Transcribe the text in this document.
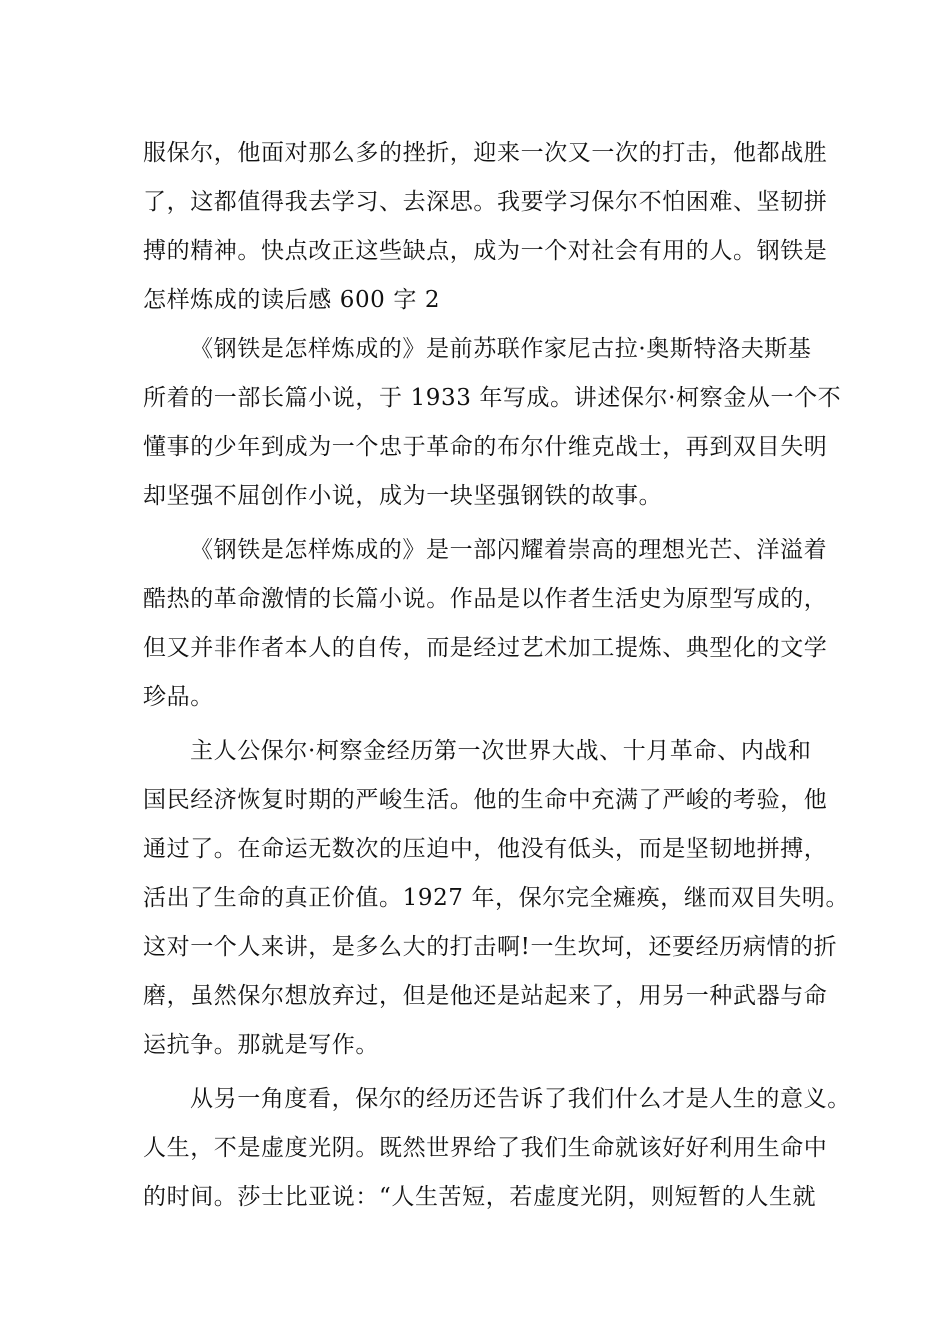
服保尔，他面对那么多的挫折，迎来一次又一次的打击，他都战胜
了，这都值得我去学习、去深思。我要学习保尔不怕困难、坚韧拼
搏的精神。快点改正这些缺点，成为一个对社会有用的人。钢铁是
怎样炼成的读后感 600 字 2
《钢铁是怎样炼成的》是前苏联作家尼古拉·奥斯特洛夫斯基
所着的一部长篇小说，于 1933 年写成。讲述保尔·柯察金从一个不
懂事的少年到成为一个忠于革命的布尔什维克战士，再到双目失明
却坚强不屈创作小说，成为一块坚强钢铁的故事。
《钢铁是怎样炼成的》是一部闪耀着崇高的理想光芒、洋溢着
酷热的革命激情的长篇小说。作品是以作者生活史为原型写成的，
但又并非作者本人的自传，而是经过艺术加工提炼、典型化的文学
珍品。
主人公保尔·柯察金经历第一次世界大战、十月革命、内战和
国民经济恢复时期的严峻生活。他的生命中充满了严峻的考验，他
通过了。在命运无数次的压迫中，他没有低头，而是坚韧地拼搏，
活出了生命的真正价值。1927 年，保尔完全瘫痪，继而双目失明。
这对一个人来讲，是多么大的打击啊!一生坎坷，还要经历病情的折
磨，虽然保尔想放弃过，但是他还是站起来了，用另一种武器与命
运抗争。那就是写作。
从另一角度看，保尔的经历还告诉了我们什么才是人生的意义。
人生，不是虚度光阴。既然世界给了我们生命就该好好利用生命中
的时间。莎士比亚说：“人生苦短，若虚度光阴，则短暂的人生就
